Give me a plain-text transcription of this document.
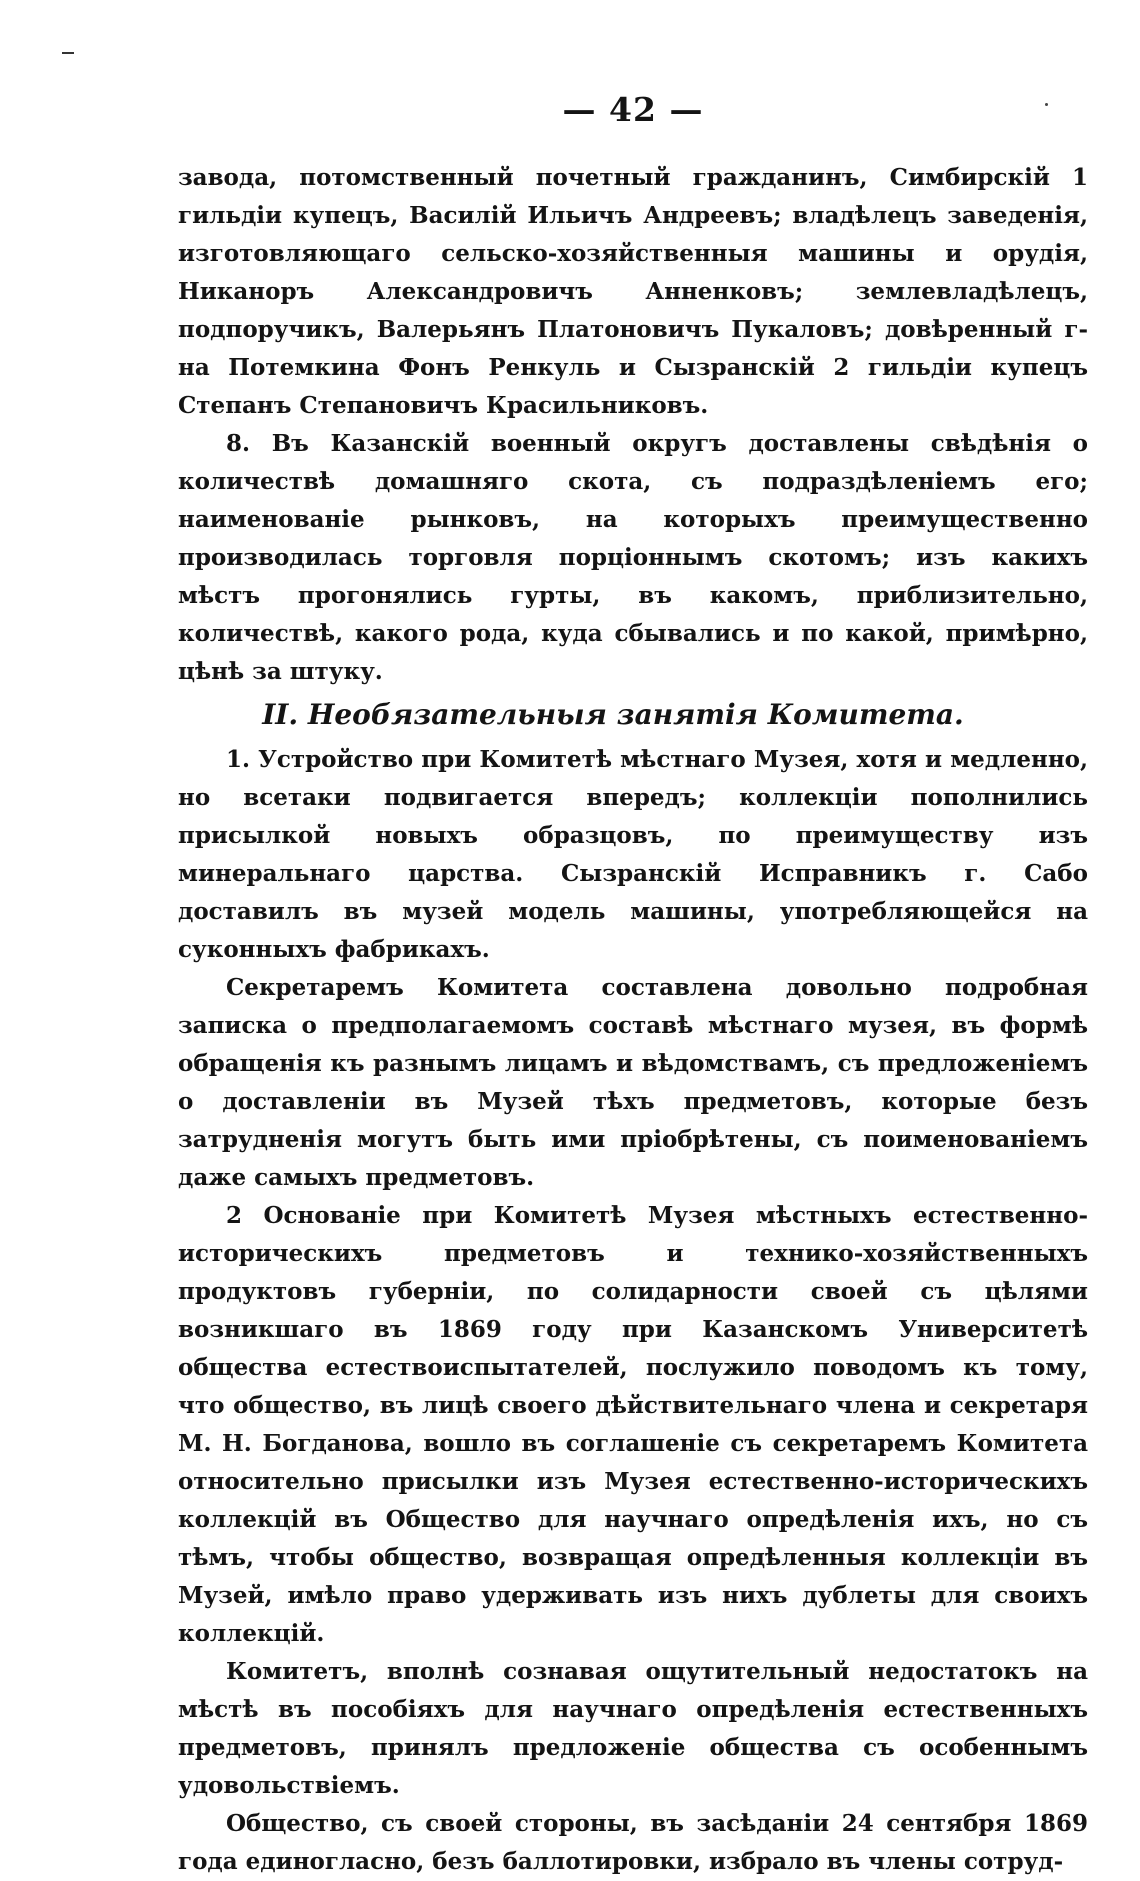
— 42 —

завода, потомственный почетный гражданинъ, Симбирскій 1 гильдіи купецъ, Василій Ильичъ Андреевъ; владѣлецъ заведенія, изготовляющаго сельско-хозяйственныя машины и орудія, Никаноръ Александровичъ Анненковъ; землевладѣлецъ, подпоручикъ, Валерьянъ Платоновичъ Пукаловъ; довѣренный г-на Потемкина Фонъ Ренкуль и Сызранскій 2 гильдіи купецъ Степанъ Степановичъ Красильниковъ.

8. Въ Казанскій военный округъ доставлены свѣдѣнія о количествѣ домашняго скота, съ подраздѣленіемъ его; наименованіе рынковъ, на которыхъ преимущественно производилась торговля порціоннымъ скотомъ; изъ какихъ мѣстъ прогонялись гурты, въ какомъ, приблизительно, количествѣ, какого рода, куда сбывались и по какой, примѣрно, цѣнѣ за штуку.

II. Необязательныя занятія Комитета.

1. Устройство при Комитетѣ мѣстнаго Музея, хотя и медленно, но всетаки подвигается впередъ; коллекціи пополнились присылкой новыхъ образцовъ, по преимуществу изъ минеральнаго царства. Сызранскій Исправникъ г. Сабо доставилъ въ музей модель машины, употребляющейся на суконныхъ фабрикахъ.

Секретаремъ Комитета составлена довольно подробная записка о предполагаемомъ составѣ мѣстнаго музея, въ формѣ обращенія къ разнымъ лицамъ и вѣдомствамъ, съ предложеніемъ о доставленіи въ Музей тѣхъ предметовъ, которые безъ затрудненія могутъ быть ими пріобрѣтены, съ поименованіемъ даже самыхъ предметовъ.

2 Основаніе при Комитетѣ Музея мѣстныхъ естественно-историческихъ предметовъ и технико-хозяйственныхъ продуктовъ губерніи, по солидарности своей съ цѣлями возникшаго въ 1869 году при Казанскомъ Университетѣ общества естествоиспытателей, послужило поводомъ къ тому, что общество, въ лицѣ своего дѣйствительнаго члена и секретаря М. Н. Богданова, вошло въ соглашеніе съ секретаремъ Комитета относительно присылки изъ Музея естественно-историческихъ коллекцій въ Общество для научнаго опредѣленія ихъ, но съ тѣмъ, чтобы общество, возвращая опредѣленныя коллекціи въ Музей, имѣло право удерживать изъ нихъ дублеты для своихъ коллекцій.

Комитетъ, вполнѣ сознавая ощутительный недостатокъ на мѣстѣ въ пособіяхъ для научнаго опредѣленія естественныхъ предметовъ, принялъ предложеніе общества съ особеннымъ удовольствіемъ.

Общество, съ своей стороны, въ засѣданіи 24 сентября 1869 года единогласно, безъ баллотировки, избрало въ члены сотруд-
